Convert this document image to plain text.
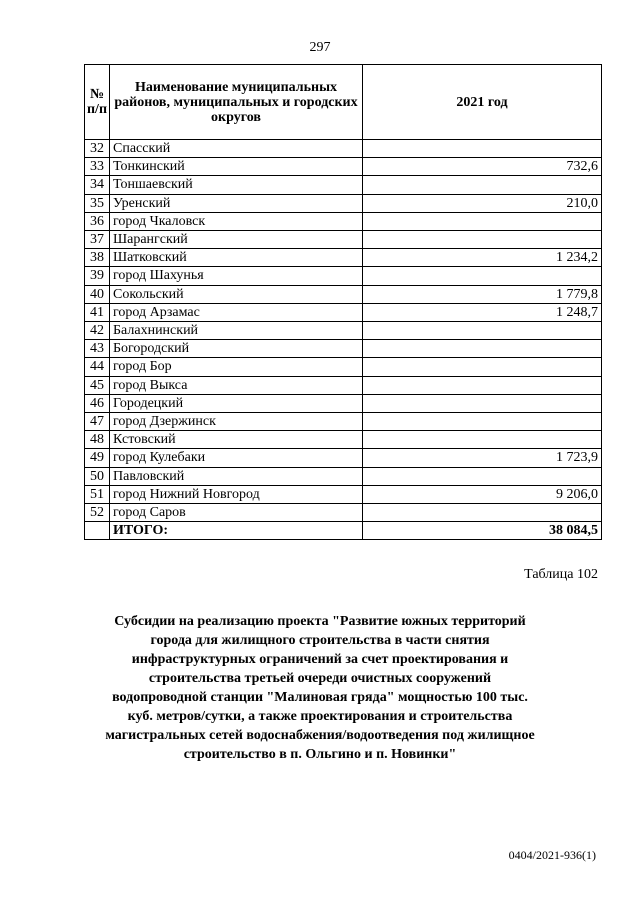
297
№ п/п	Наименование муниципальных районов, муниципальных и городских округов	2021 год
32	Спасский	
33	Тонкинский	732,6
34	Тоншаевский	
35	Уренский	210,0
36	город Чкаловск	
37	Шарангский	
38	Шатковский	1 234,2
39	город Шахунья	
40	Сокольский	1 779,8
41	город Арзамас	1 248,7
42	Балахнинский	
43	Богородский	
44	город Бор	
45	город Выкса	
46	Городецкий	
47	город Дзержинск	
48	Кстовский	
49	город Кулебаки	1 723,9
50	Павловский	
51	город Нижний Новгород	9 206,0
52	город Саров	
	ИТОГО:	38 084,5
Таблица 102
Субсидии на реализацию проекта "Развитие южных территорий города для жилищного строительства в части снятия инфраструктурных ограничений за счет проектирования и строительства третьей очереди очистных сооружений водопроводной станции "Малиновая гряда" мощностью 100 тыс. куб. метров/сутки, а также проектирования и строительства магистральных сетей водоснабжения/водоотведения под жилищное строительство в п. Ольгино и п. Новинки"
0404/2021-936(1)
